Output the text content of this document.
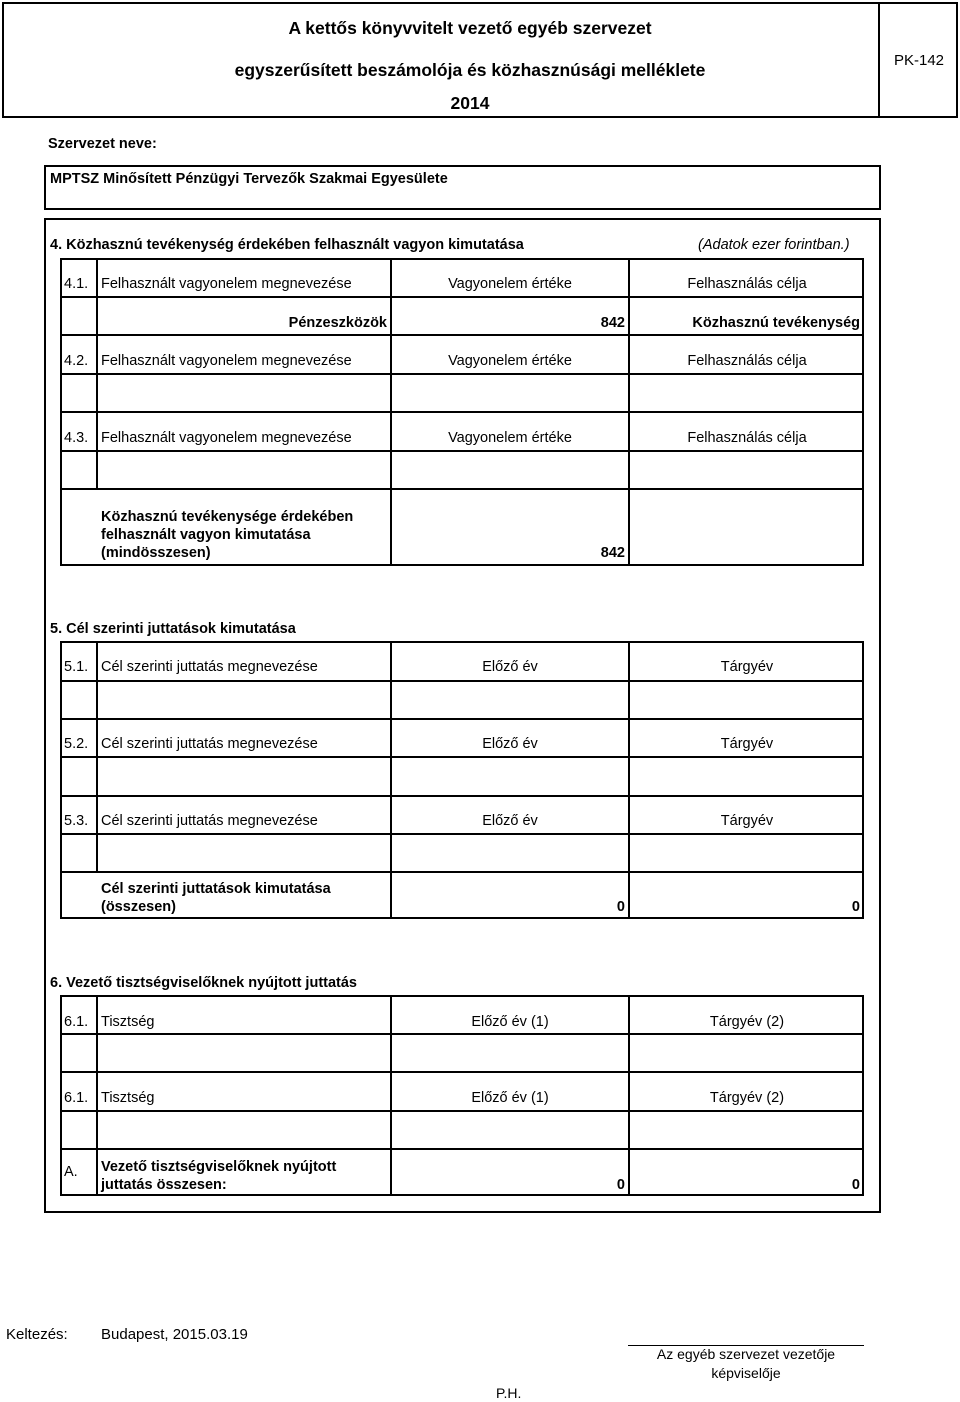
A kettős könyvvitelt vezető egyéb szervezet
egyszerűsített beszámolója és közhasznúsági melléklete
2014
PK-142
Szervezet neve:
MPTSZ Minősített Pénzügyi Tervezők Szakmai Egyesülete
4. Közhasznú tevékenység érdekében felhasznált vagyon kimutatása	(Adatok ezer forintban.)
4.1. Felhasznált vagyonelem megnevezése	Vagyonelem értéke	Felhasználás célja
Pénzeszközök	842	Közhasznú tevékenység
4.2. Felhasznált vagyonelem megnevezése	Vagyonelem értéke	Felhasználás célja
4.3. Felhasznált vagyonelem megnevezése	Vagyonelem értéke	Felhasználás célja
Közhasznú tevékenysége érdekében
felhasznált vagyon kimutatása
(mindösszesen)	842
5. Cél szerinti juttatások kimutatása
5.1. Cél szerinti juttatás megnevezése	Előző év	Tárgyév
5.2. Cél szerinti juttatás megnevezése	Előző év	Tárgyév
5.3. Cél szerinti juttatás megnevezése	Előző év	Tárgyév
Cél szerinti juttatások kimutatása
(összesen)	0	0
6. Vezető tisztségviselőknek nyújtott juttatás
6.1. Tisztség	Előző év (1)	Tárgyév (2)
6.1. Tisztség	Előző év (1)	Tárgyév (2)
A. Vezető tisztségviselőknek nyújtott
juttatás összesen:	0	0
Keltezés: Budapest, 2015.03.19
P.H.
Az egyéb szervezet vezetője
képviselője
